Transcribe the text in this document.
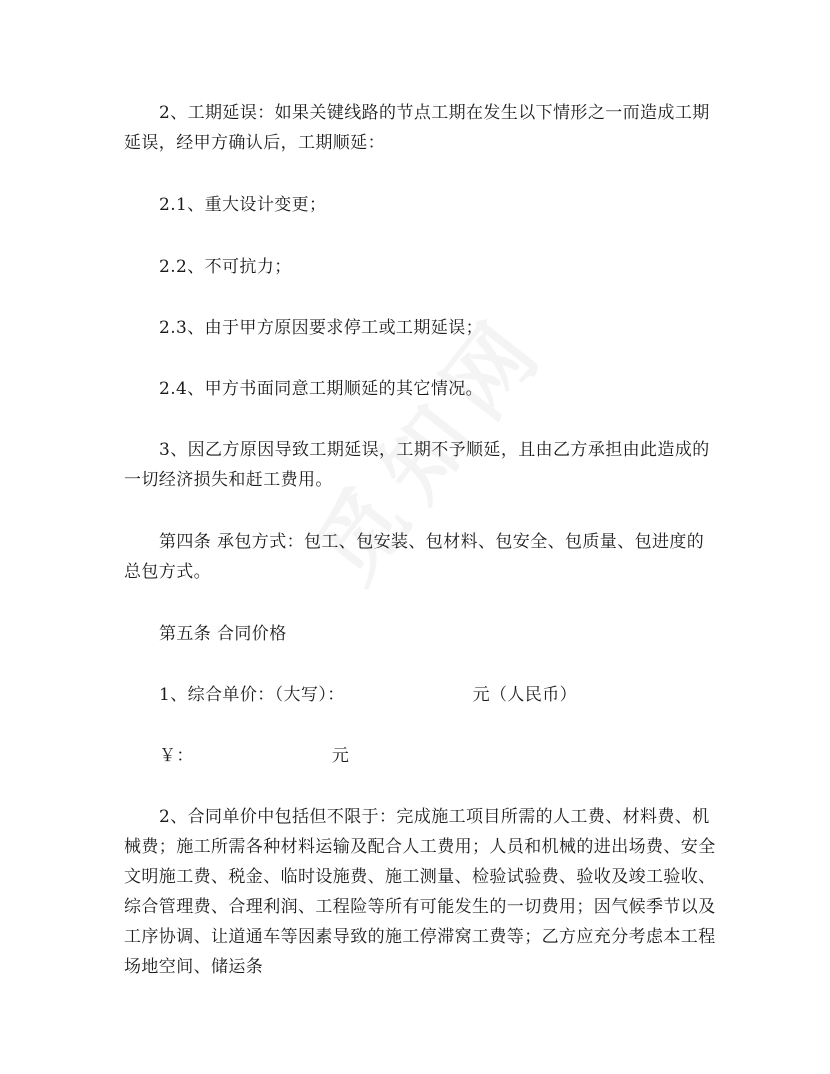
2、工期延误：如果关键线路的节点工期在发生以下情形之一而造成工期延误，经甲方确认后，工期顺延：

2.1、重大设计变更；

2.2、不可抗力；

2.3、由于甲方原因要求停工或工期延误；

2.4、甲方书面同意工期顺延的其它情况。

3、因乙方原因导致工期延误，工期不予顺延，且由乙方承担由此造成的一切经济损失和赶工费用。

第四条 承包方式：包工、包安装、包材料、包安全、包质量、包进度的总包方式。

第五条 合同价格

1、综合单价：（大写）：	元（人民币）
￥：	元

2、合同单价中包括但不限于：完成施工项目所需的人工费、材料费、机械费；施工所需各种材料运输及配合人工费用；人员和机械的进出场费、安全文明施工费、税金、临时设施费、施工测量、检验试验费、验收及竣工验收、综合管理费、合理利润、工程险等所有可能发生的一切费用；因气候季节以及工序协调、让道通车等因素导致的施工停滞窝工费等；乙方应充分考虑本工程场地空间、储运条
